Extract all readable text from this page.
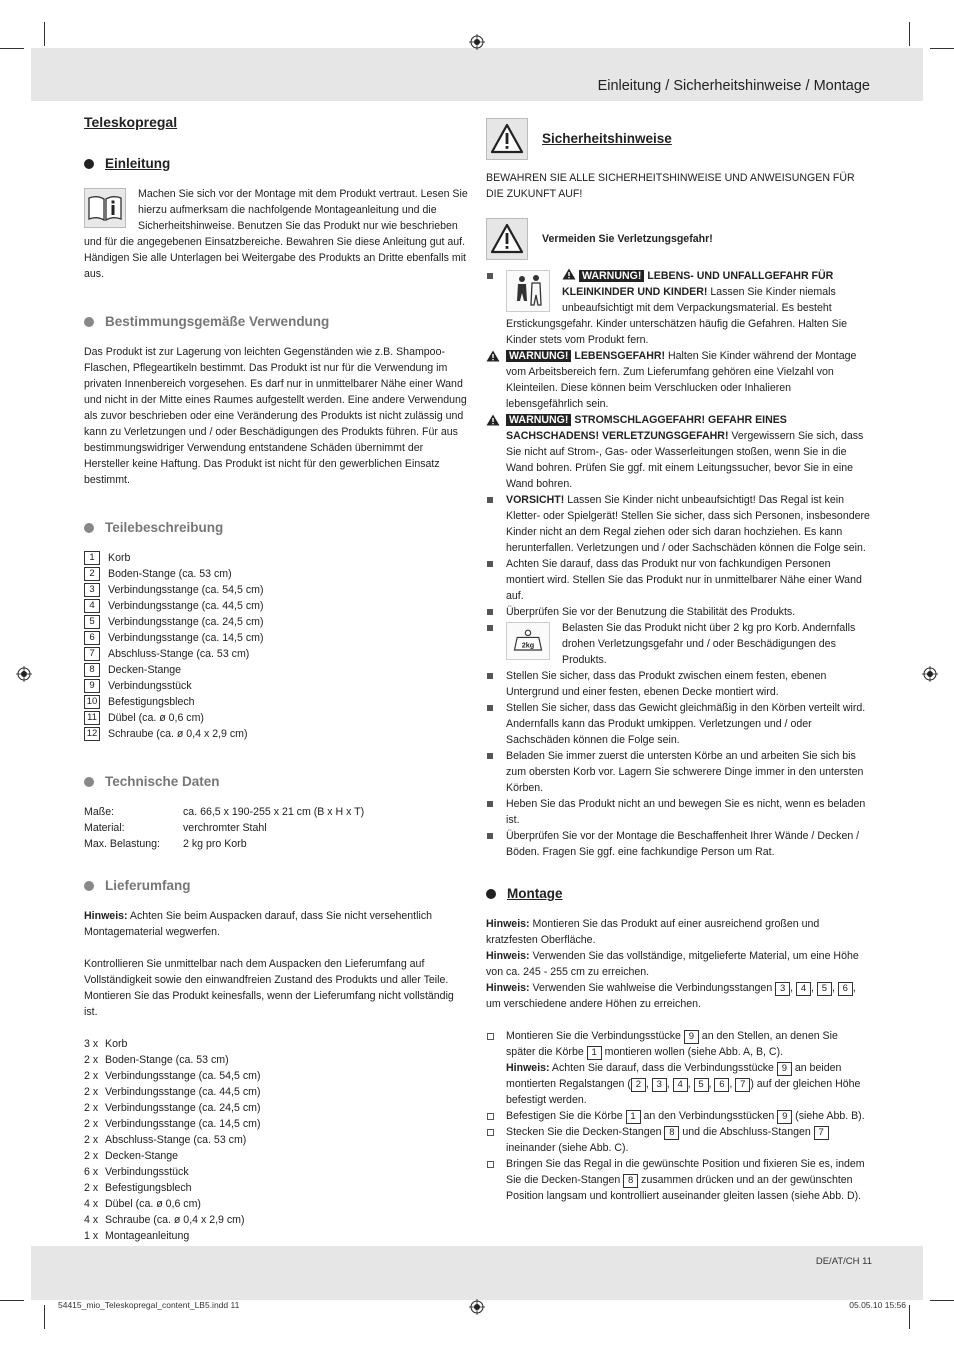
Einleitung / Sicherheitshinweise / Montage
DE/AT/CH 11
54415_mio_Teleskopregal_content_LB5.indd 11	05.05.10 15:56
Teleskopregal
Einleitung

Machen Sie sich vor der Montage mit dem Produkt vertraut. Lesen Sie hierzu aufmerksam die nachfolgende Montageanleitung und die Sicherheitshinweise. Benutzen Sie das Produkt nur wie beschrieben und für die angegebenen Einsatzbereiche. Bewahren Sie diese Anleitung gut auf. Händigen Sie alle Unterlagen bei Weitergabe des Produkts an Dritte ebenfalls mit aus.

Bestimmungsgemäße Verwendung

Das Produkt ist zur Lagerung von leichten Gegenständen wie z.B. Shampoo-Flaschen, Pflegeartikeln bestimmt. Das Produkt ist nur für die Verwendung im privaten Innenbereich vorgesehen. Es darf nur in unmittelbarer Nähe einer Wand und nicht in der Mitte eines Raumes aufgestellt werden. Eine andere Verwendung als zuvor beschrieben oder eine Veränderung des Produkts ist nicht zulässig und kann zu Verletzungen und / oder Beschädigungen des Produkts führen. Für aus bestimmungswidriger Verwendung entstandene Schäden übernimmt der Hersteller keine Haftung. Das Produkt ist nicht für den gewerblichen Einsatz bestimmt.

Teilebeschreibung
1	Korb
2	Boden-Stange (ca. 53 cm)
3	Verbindungsstange (ca. 54,5 cm)
4	Verbindungsstange (ca. 44,5 cm)
5	Verbindungsstange (ca. 24,5 cm)
6	Verbindungsstange (ca. 14,5 cm)
7	Abschluss-Stange (ca. 53 cm)
8	Decken-Stange
9	Verbindungsstück
10 Befestigungsblech
11 Dübel (ca. ø 0,6 cm)
12 Schraube (ca. ø 0,4 x 2,9 cm)
Technische Daten
Maße:	ca. 66,5 x 190-255 x 21 cm (B x H x T)
Material:	verchromter Stahl
Max. Belastung:	2 kg pro Korb
Lieferumfang

Hinweis: Achten Sie beim Auspacken darauf, dass Sie nicht versehentlich Montagematerial wegwerfen.

Kontrollieren Sie unmittelbar nach dem Auspacken den Lieferumfang auf Vollständigkeit sowie den einwandfreien Zustand des Produkts und aller Teile. Montieren Sie das Produkt keinesfalls, wenn der Lieferumfang nicht vollständig ist.

3 x Korb
2 x Boden-Stange (ca. 53 cm)
2 x Verbindungsstange (ca. 54,5 cm)
2 x Verbindungsstange (ca. 44,5 cm)
2 x Verbindungsstange (ca. 24,5 cm)
2 x Verbindungsstange (ca. 14,5 cm)
2 x Abschluss-Stange (ca. 53 cm)
2 x Decken-Stange
6 x Verbindungsstück
2 x Befestigungsblech
4 x Dübel (ca. ø 0,6 cm)
4 x Schraube (ca. ø 0,4 x 2,9 cm)
1 x Montageanleitung
Sicherheitshinweise

BEWAHREN SIE ALLE SICHERHEITSHINWEISE UND ANWEISUNGEN FÜR DIE ZUKUNFT AUF!

Vermeiden Sie Verletzungsgefahr!

WARNUNG! LEBENS- UND UNFALLGEFAHR FÜR KLEINKINDER UND KINDER! Lassen Sie Kinder niemals unbeaufsichtigt mit dem Verpackungsmaterial. Es besteht Erstickungsgefahr. Kinder unterschätzen häufig die Gefahren. Halten Sie Kinder stets vom Produkt fern.

WARNUNG! LEBENSGEFAHR! Halten Sie Kinder während der Montage vom Arbeitsbereich fern. Zum Lieferumfang gehören eine Vielzahl von Kleinteilen. Diese können beim Verschlucken oder Inhalieren lebensgefährlich sein.

WARNUNG! STROMSCHLAGGEFAHR! GEFAHR EINES SACHSCHADENS! VERLETZUNGSGEFAHR! Vergewissern Sie sich, dass Sie nicht auf Strom-, Gas- oder Wasserleitungen stoßen, wenn Sie in die Wand bohren. Prüfen Sie ggf. mit einem Leitungssucher, bevor Sie in eine Wand bohren.

VORSICHT! Lassen Sie Kinder nicht unbeaufsichtigt! Das Regal ist kein Kletter- oder Spielgerät! Stellen Sie sicher, dass sich Personen, insbesondere Kinder nicht an dem Regal ziehen oder sich daran hochziehen. Es kann herunterfallen. Verletzungen und / oder Sachschäden können die Folge sein.

Achten Sie darauf, dass das Produkt nur von fachkundigen Personen montiert wird. Stellen Sie das Produkt nur in unmittelbarer Nähe einer Wand auf.

Überprüfen Sie vor der Benutzung die Stabilität des Produkts.

2kg

Belasten Sie das Produkt nicht über 2 kg pro Korb. Andernfalls drohen Verletzungsgefahr und / oder Beschädigungen des Produkts.

Stellen Sie sicher, dass das Produkt zwischen einem festen, ebenen Untergrund und einer festen, ebenen Decke montiert wird.

Stellen Sie sicher, dass das Gewicht gleichmäßig in den Körben verteilt wird. Andernfalls kann das Produkt umkippen. Verletzungen und / oder Sachschäden können die Folge sein.

Beladen Sie immer zuerst die untersten Körbe an und arbeiten Sie sich bis zum obersten Korb vor. Lagern Sie schwerere Dinge immer in den untersten Körben.

Heben Sie das Produkt nicht an und bewegen Sie es nicht, wenn es beladen ist.

Überprüfen Sie vor der Montage die Beschaffenheit Ihrer Wände / Decken / Böden. Fragen Sie ggf. eine fachkundige Person um Rat.

Montage

Hinweis: Montieren Sie das Produkt auf einer ausreichend großen und kratzfesten Oberfläche.

Hinweis: Verwenden Sie das vollständige, mitgelieferte Material, um eine Höhe von ca. 245 - 255 cm zu erreichen.

Hinweis: Verwenden Sie wahlweise die Verbindungsstangen 3 , 4 , 5 , 6 , um verschiedene andere Höhen zu erreichen.

Montieren Sie die Verbindungsstücke 9 an den Stellen, an denen Sie später die Körbe 1 montieren wollen (siehe Abb. A, B, C).
Hinweis: Achten Sie darauf, dass die Verbindungsstücke 9 an beiden montierten Regalstangen ( 2 , 3 , 4 , 5 , 6 , 7 ) auf der gleichen Höhe befestigt werden.

Befestigen Sie die Körbe 1 an den Verbindungsstücken 9 (siehe Abb. B).

Stecken Sie die Decken-Stangen 8 und die Abschluss-Stangen 7 ineinander (siehe Abb. C).

Bringen Sie das Regal in die gewünschte Position und fixieren Sie es, indem Sie die Decken-Stangen 8 zusammen drücken und an der gewünschten Position langsam und kontrolliert auseinander gleiten lassen (siehe Abb. D).
